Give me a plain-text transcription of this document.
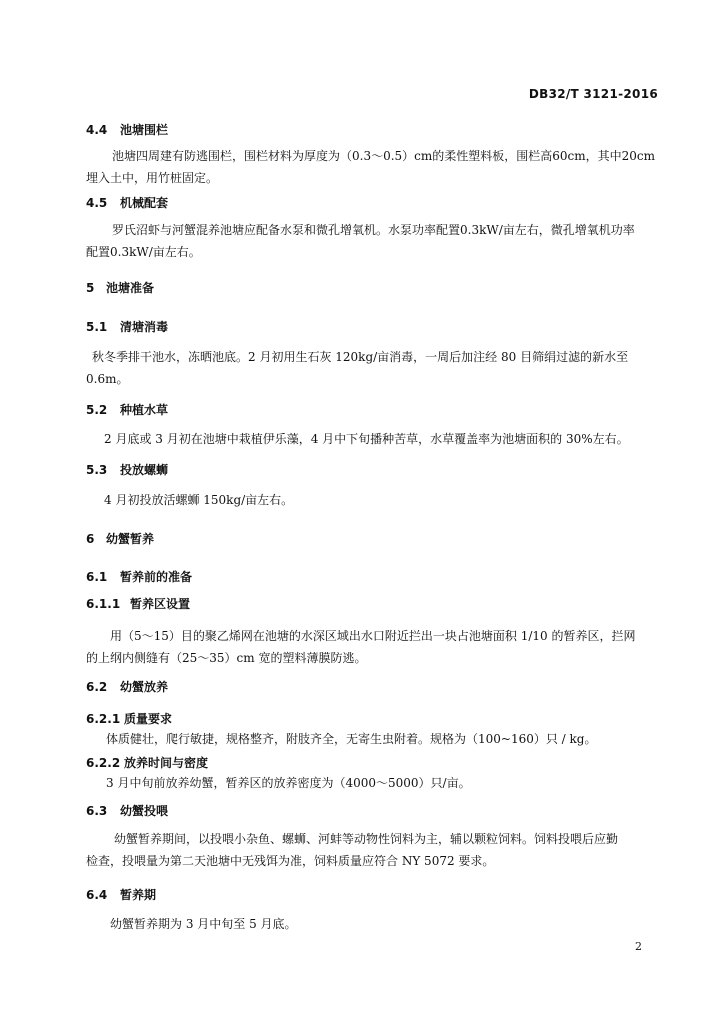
DB32/T 3121-2016
4.4 池塘围栏
池塘四周建有防逃围栏，围栏材料为厚度为（0.3～0.5）cm的柔性塑料板，围栏高60cm，其中20cm
埋入土中，用竹桩固定。
4.5 机械配套
罗氏沼虾与河蟹混养池塘应配备水泵和微孔增氧机。水泵功率配置0.3kW/亩左右，微孔增氧机功率
配置0.3kW/亩左右。
5 池塘准备
5.1 清塘消毒
秋冬季排干池水，冻晒池底。2 月初用生石灰 120kg/亩消毒，一周后加注经 80 目筛绢过滤的新水至
0.6m。
5.2 种植水草
2 月底或 3 月初在池塘中栽植伊乐藻，4 月中下旬播种苦草，水草覆盖率为池塘面积的 30%左右。
5.3 投放螺蛳
4 月初投放活螺蛳 150kg/亩左右。
6 幼蟹暂养
6.1 暂养前的准备
6.1.1 暂养区设置
用（5～15）目的聚乙烯网在池塘的水深区域出水口附近拦出一块占池塘面积 1/10 的暂养区，拦网
的上纲内侧缝有（25～35）cm 宽的塑料薄膜防逃。
6.2 幼蟹放养
6.2.1 质量要求
体质健壮，爬行敏捷，规格整齐，附肢齐全，无寄生虫附着。规格为（100~160）只 / kg。
6.2.2 放养时间与密度
3 月中旬前放养幼蟹，暂养区的放养密度为（4000～5000）只/亩。
6.3 幼蟹投喂
幼蟹暂养期间，以投喂小杂鱼、螺蛳、河蚌等动物性饲料为主，辅以颗粒饲料。饲料投喂后应勤
检查，投喂量为第二天池塘中无残饵为准，饲料质量应符合 NY 5072 要求。
6.4 暂养期
幼蟹暂养期为 3 月中旬至 5 月底。
2
